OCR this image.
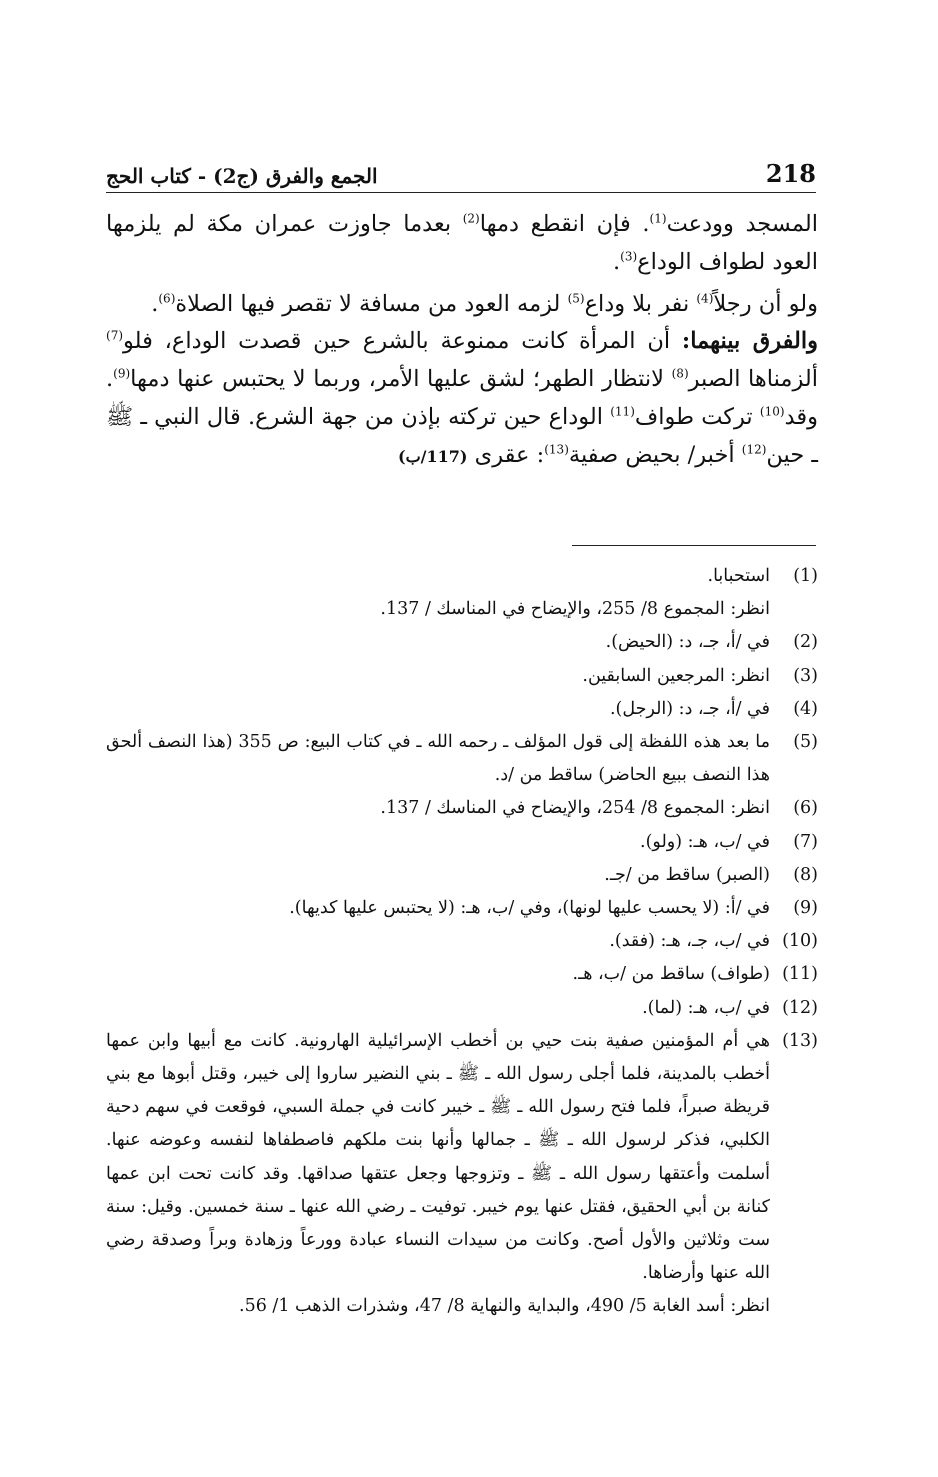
218
الجمع والفرق (ج2) - كتاب الحج

المسجد وودعت$^{(1)}$. فإن انقطع دمها$^{(2)}$ بعدما جاوزت عمران مكة لم يلزمها العود لطواف الوداع$^{(3)}$.

ولو أن رجلاً$^{(4)}$ نفر بلا وداع$^{(5)}$ لزمه العود من مسافة لا تقصر فيها الصلاة$^{(6)}$.

والفرق بينهما: أن المرأة كانت ممنوعة بالشرع حين قصدت الوداع، فلو$^{(7)}$ ألزمناها الصبر$^{(8)}$ لانتظار الطهر؛ لشق عليها الأمر، وربما لا يحتبس عنها دمها$^{(9)}$. وقد$^{(10)}$ تركت طواف$^{(11)}$ الوداع حين تركته بإذن من جهة الشرع. قال النبي ـ ﷺ ـ حين$^{(12)}$ أخبر/ بحيض صفية$^{(13)}$: عقرى (117/ب)

(1)
استحبابا.
انظر: المجموع 8/ 255، والإيضاح في المناسك / 137.
(2)
في /أ، جـ، د: (الحيض).
(3)
انظر: المرجعين السابقين.
(4)
في /أ، جـ، د: (الرجل).
(5)
ما بعد هذه اللفظة إلى قول المؤلف ـ رحمه الله ـ في كتاب البيع: ص 355 (هذا النصف ألحق هذا النصف ببيع الحاضر) ساقط من /د.
(6)
انظر: المجموع 8/ 254، والإيضاح في المناسك / 137.
(7)
في /ب، هـ: (ولو).
(8)
(الصبر) ساقط من /جـ.
(9)
في /أ: (لا يحسب عليها لونها)، وفي /ب، هـ: (لا يحتبس عليها كديها).
(10)
في /ب، جـ، هـ: (فقد).
(11)
(طواف) ساقط من /ب، هـ.
(12)
في /ب، هـ: (لما).
(13)
هي أم المؤمنين صفية بنت حيي بن أخطب الإسرائيلية الهارونية. كانت مع أبيها وابن عمها أخطب بالمدينة، فلما أجلى رسول الله ـ ﷺ ـ بني النضير ساروا إلى خيبر، وقتل أبوها مع بني قريظة صبراً، فلما فتح رسول الله ـ ﷺ ـ خيبر كانت في جملة السبي، فوقعت في سهم دحية الكلبي، فذكر لرسول الله ـ ﷺ ـ جمالها وأنها بنت ملكهم فاصطفاها لنفسه وعوضه عنها. أسلمت وأعتقها رسول الله ـ ﷺ ـ وتزوجها وجعل عتقها صداقها. وقد كانت تحت ابن عمها كنانة بن أبي الحقيق، فقتل عنها يوم خيبر. توفيت ـ رضي الله عنها ـ سنة خمسين. وقيل: سنة ست وثلاثين والأول أصح. وكانت من سيدات النساء عبادة وورعاً وزهادة وبراً وصدقة رضي الله عنها وأرضاها.
انظر: أسد الغابة 5/ 490، والبداية والنهاية 8/ 47، وشذرات الذهب 1/ 56.
